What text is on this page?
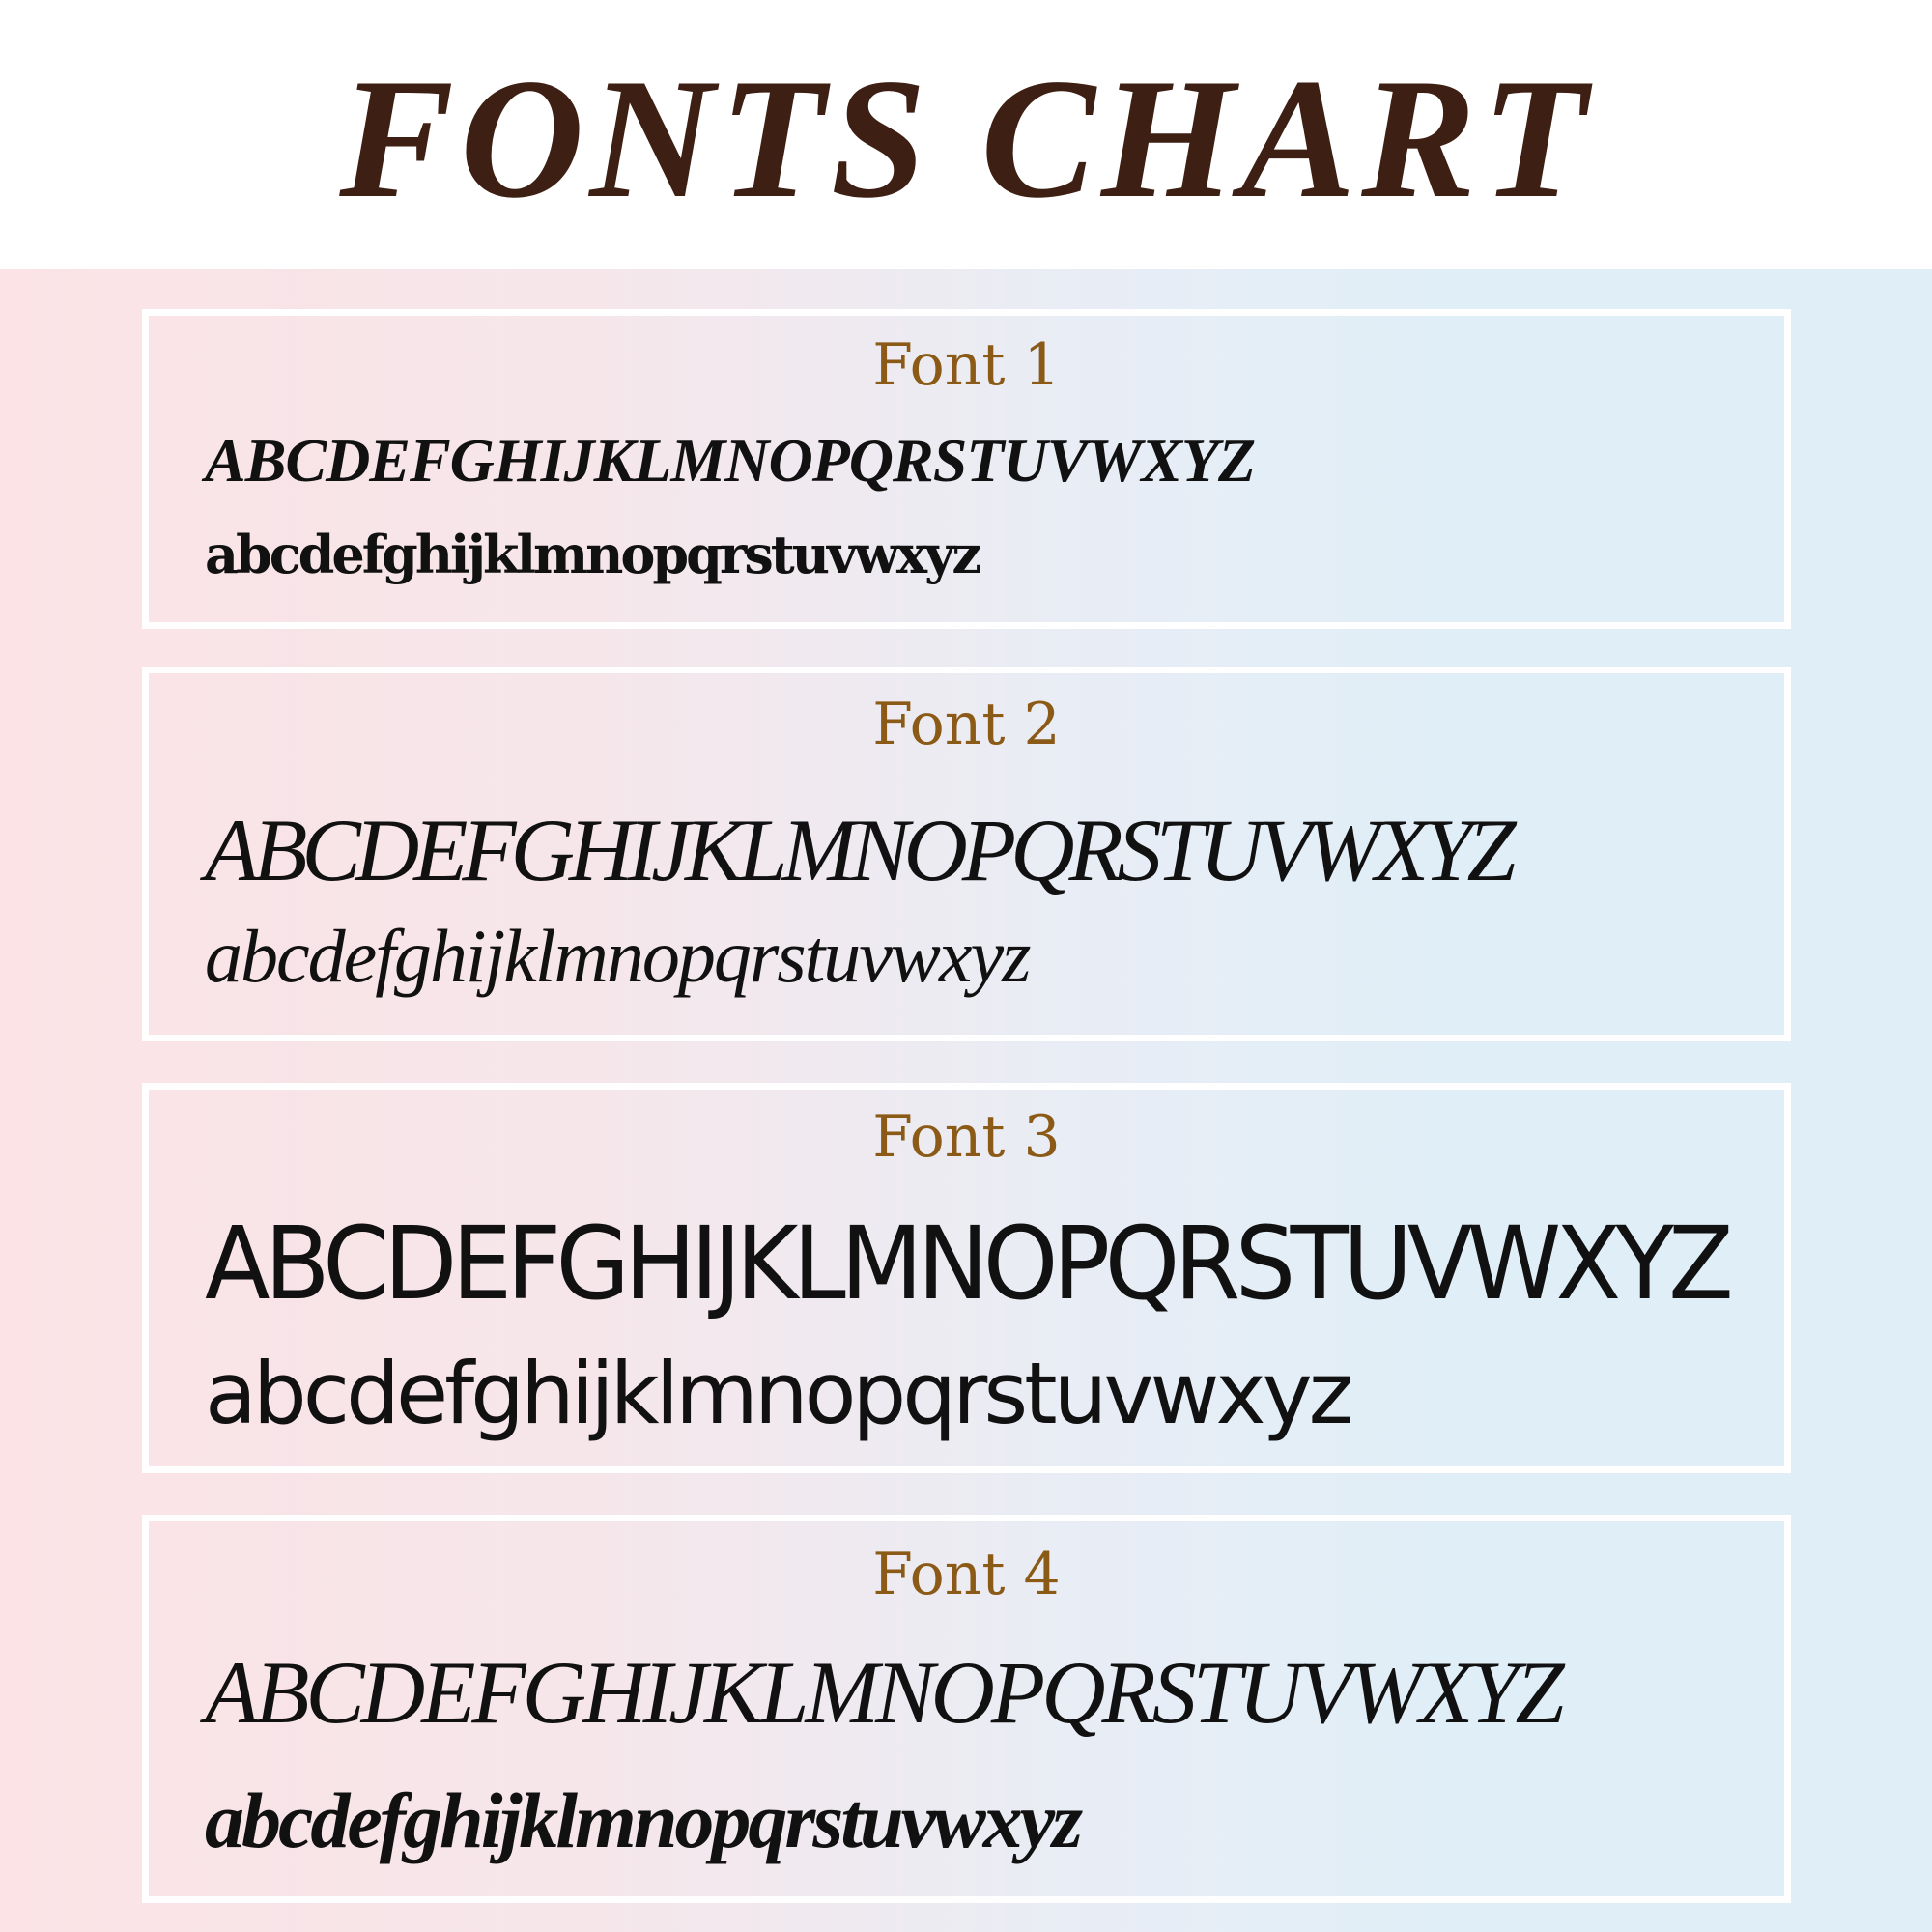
FONTS CHART
Font 1
ABCDEFGHIJKLMNOPQRSTUVWXYZ
abcdefghijklmnopqrstuvwxyz
Font 2
ABCDEFGHIJKLMNOPQRSTUVWXYZ
abcdefghijklmnopqrstuvwxyz
Font 3
ABCDEFGHIJKLMNOPQRSTUVWXYZ
abcdefghijklmnopqrstuvwxyz
Font 4
ABCDEFGHIJKLMNOPQRSTUVWXYZ
abcdefghijklmnopqrstuvwxyz
